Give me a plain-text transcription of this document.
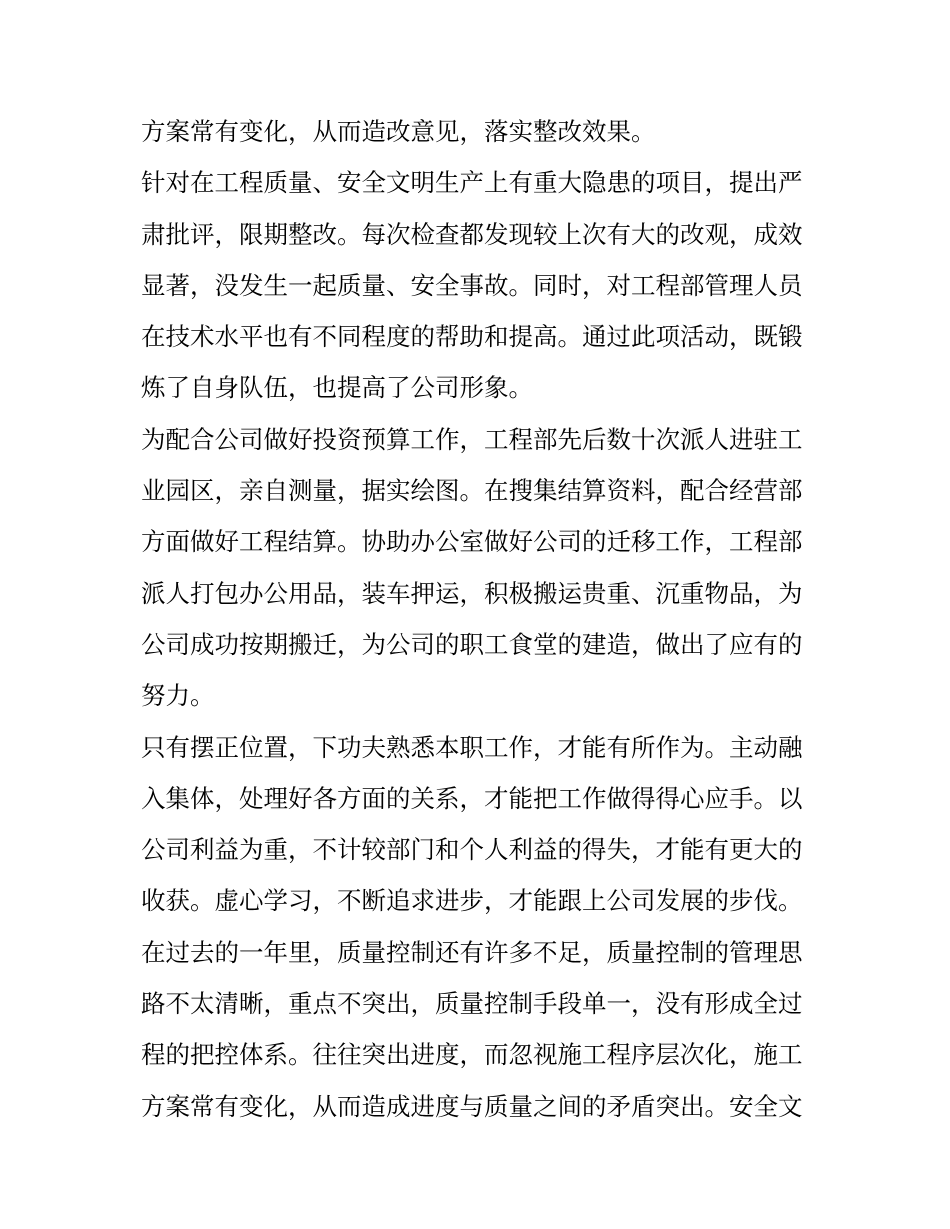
方案常有变化，从而造改意见，落实整改效果。
针对在工程质量、安全文明生产上有重大隐患的项目，提出严
肃批评，限期整改。每次检查都发现较上次有大的改观，成效
显著，没发生一起质量、安全事故。同时，对工程部管理人员
在技术水平也有不同程度的帮助和提高。通过此项活动，既锻
炼了自身队伍，也提高了公司形象。
为配合公司做好投资预算工作，工程部先后数十次派人进驻工
业园区，亲自测量，据实绘图。在搜集结算资料，配合经营部
方面做好工程结算。协助办公室做好公司的迁移工作，工程部
派人打包办公用品，装车押运，积极搬运贵重、沉重物品，为
公司成功按期搬迁，为公司的职工食堂的建造，做出了应有的
努力。
只有摆正位置，下功夫熟悉本职工作，才能有所作为。主动融
入集体，处理好各方面的关系，才能把工作做得得心应手。以
公司利益为重，不计较部门和个人利益的得失，才能有更大的
收获。虚心学习，不断追求进步，才能跟上公司发展的步伐。
在过去的一年里，质量控制还有许多不足，质量控制的管理思
路不太清晰，重点不突出，质量控制手段单一，没有形成全过
程的把控体系。往往突出进度，而忽视施工程序层次化，施工
方案常有变化，从而造成进度与质量之间的矛盾突出。安全文
